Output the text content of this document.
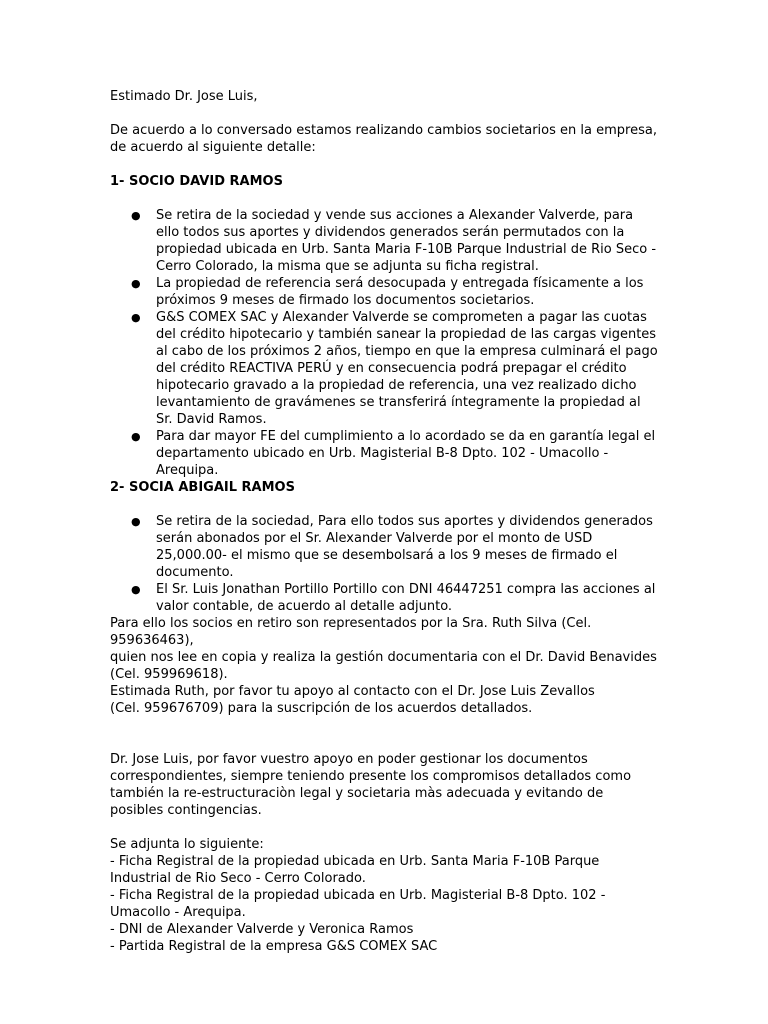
Estimado Dr. Jose Luis,

De acuerdo a lo conversado estamos realizando cambios societarios en la empresa, de acuerdo al siguiente detalle:

1- SOCIO DAVID RAMOS

● Se retira de la sociedad y vende sus acciones a Alexander Valverde, para ello todos sus aportes y dividendos generados serán permutados con la propiedad ubicada en Urb. Santa Maria F-10B Parque Industrial de Rio Seco - Cerro Colorado, la misma que se adjunta su ficha registral.
● La propiedad de referencia será desocupada y entregada físicamente a los próximos 9 meses de firmado los documentos societarios.
● G&S COMEX SAC y Alexander Valverde se comprometen a pagar las cuotas del crédito hipotecario y también sanear la propiedad de las cargas vigentes al cabo de los próximos 2 años, tiempo en que la empresa culminará el pago del crédito REACTIVA PERÚ y en consecuencia podrá prepagar el crédito hipotecario gravado a la propiedad de referencia, una vez realizado dicho levantamiento de gravámenes se transferirá íntegramente la propiedad al Sr. David Ramos.
● Para dar mayor FE del cumplimiento a lo acordado se da en garantía legal el departamento ubicado en Urb. Magisterial B-8 Dpto. 102 - Umacollo - Arequipa.

2- SOCIA ABIGAIL RAMOS

● Se retira de la sociedad, Para ello todos sus aportes y dividendos generados serán abonados por el Sr. Alexander Valverde por el monto de USD 25,000.00- el mismo que se desembolsará a los 9 meses de firmado el documento.
● El Sr. Luis Jonathan Portillo Portillo con DNI 46447251 compra las acciones al valor contable, de acuerdo al detalle adjunto.

Para ello los socios en retiro son representados por la Sra. Ruth Silva (Cel. 959636463),

quien nos lee en copia y realiza la gestión documentaria con el Dr. David Benavides

(Cel. 959969618).

Estimada Ruth, por favor tu apoyo al contacto con el Dr. Jose Luis Zevallos

(Cel. 959676709) para la suscripción de los acuerdos detallados.

Dr. Jose Luis, por favor vuestro apoyo en poder gestionar los documentos correspondientes, siempre teniendo presente los compromisos detallados como también la re-estructuraciòn legal y societaria màs adecuada y evitando de posibles contingencias.

Se adjunta lo siguiente:

- Ficha Registral de la propiedad ubicada en Urb. Santa Maria F-10B Parque Industrial de Rio Seco - Cerro Colorado.

- Ficha Registral de la propiedad ubicada en Urb. Magisterial B-8 Dpto. 102 - Umacollo - Arequipa.

- DNI de Alexander Valverde y Veronica Ramos

- Partida Registral de la empresa G&S COMEX SAC
